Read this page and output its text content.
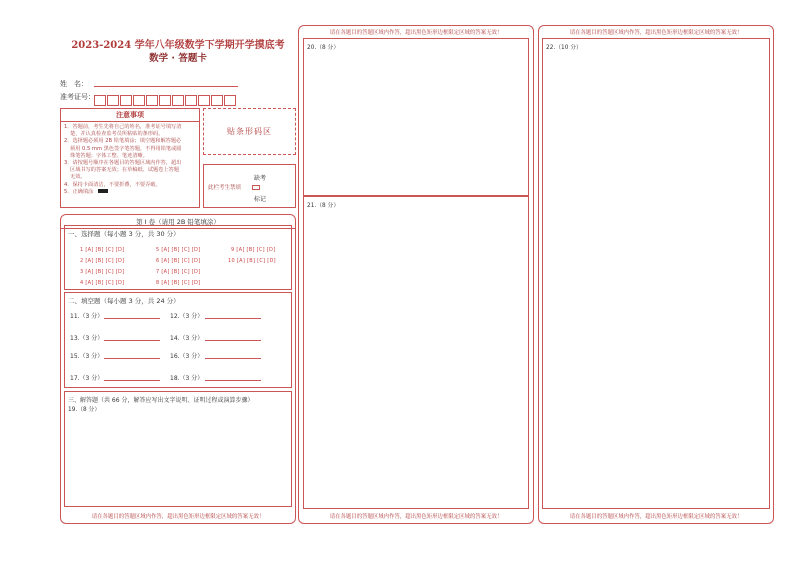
2023-2024 学年八年级数学下学期开学摸底考
数学 · 答题卡
姓　名：
准考证号：
注意事项
1．答题前，考生先将自己的姓名，准考证号填写清
楚，并认真检查监考员所粘贴的条形码。
2．选择题必须用 2B 铅笔填涂；填空题和解答题必
须用 0.5 mm 黑色签字笔答题，不得用铅笔或圆
珠笔答题；字体工整、笔迹清晰。
3．请按题号顺序在各题目的答题区域内作答，超出
区域书写的答案无效；在草稿纸、试题卷上答题
无效。
4．保持卡面清洁，不要折叠，不要弄破。
5．正确填涂　
贴条形码区
缺考
此栏考生禁填　　
标记
第 I 卷（请用 2B 铅笔填涂）
一、选择题（每小题 3 分，共 30 分）
1 [A] [B] [C] [D]
2 [A] [B] [C] [D]
3 [A] [B] [C] [D]
4 [A] [B] [C] [D]
5 [A] [B] [C] [D]
6 [A] [B] [C] [D]
7 [A] [B] [C] [D]
8 [A] [B] [C] [D]
9 [A] [B] [C] [D]
10 [A] [B] [C] [D]
二、填空题（每小题 3 分，共 24 分）
11.（3 分）	12.（3 分）
13.（3 分）	14.（3 分）
15.（3 分）	16.（3 分）
17.（3 分）	18.（3 分）
三、解答题（共 66 分，解答应写出文字说明、证明过程或演算步骤）
19.（8 分）
请在各题目的答题区域内作答，超出黑色矩形边框限定区域的答案无效！
请在各题目的答题区域内作答，超出黑色矩形边框限定区域的答案无效！
20.（8 分）
21.（8 分）
请在各题目的答题区域内作答，超出黑色矩形边框限定区域的答案无效！
请在各题目的答题区域内作答，超出黑色矩形边框限定区域的答案无效！
22.（10 分）
请在各题目的答题区域内作答，超出黑色矩形边框限定区域的答案无效！
